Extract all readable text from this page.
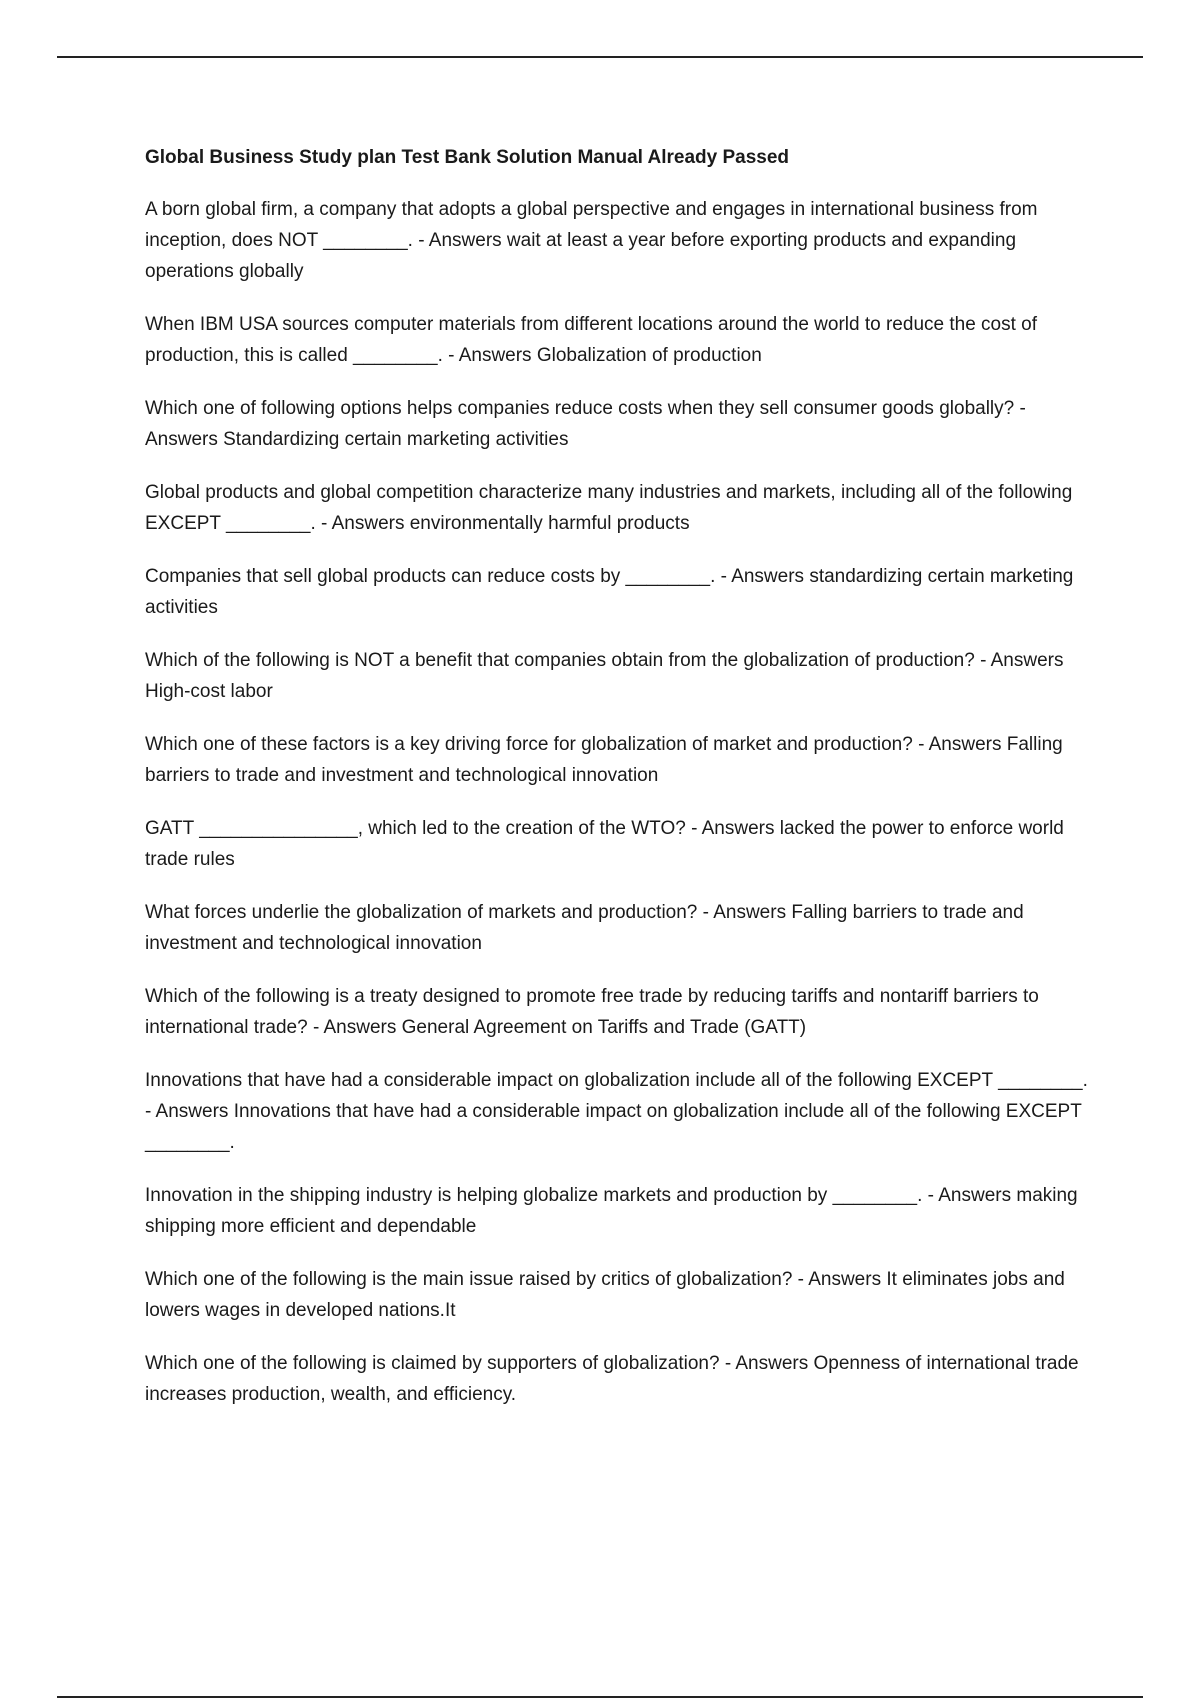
Global Business Study plan Test Bank Solution Manual Already Passed
A born global firm, a company that adopts a global perspective and engages in international business from inception, does NOT ________. - Answers wait at least a year before exporting products and expanding operations globally
When IBM USA sources computer materials from different locations around the world to reduce the cost of production, this is called ________. - Answers Globalization of production
Which one of following options helps companies reduce costs when they sell consumer goods globally? - Answers Standardizing certain marketing activities
Global products and global competition characterize many industries and markets, including all of the following EXCEPT ________. - Answers environmentally harmful products
Companies that sell global products can reduce costs by ________. - Answers standardizing certain marketing activities
Which of the following is NOT a benefit that companies obtain from the globalization of production? - Answers High-cost labor
Which one of these factors is a key driving force for globalization of market and production? - Answers Falling barriers to trade and investment and technological innovation
GATT _______________, which led to the creation of the WTO? - Answers lacked the power to enforce world trade rules
What forces underlie the globalization of markets and production? - Answers Falling barriers to trade and investment and technological innovation
Which of the following is a treaty designed to promote free trade by reducing tariffs and nontariff barriers to international trade? - Answers General Agreement on Tariffs and Trade (GATT)
Innovations that have had a considerable impact on globalization include all of the following EXCEPT ________. - Answers Innovations that have had a considerable impact on globalization include all of the following EXCEPT ________.
Innovation in the shipping industry is helping globalize markets and production by ________. - Answers making shipping more efficient and dependable
Which one of the following is the main issue raised by critics of globalization? - Answers It eliminates jobs and lowers wages in developed nations.It
Which one of the following is claimed by supporters of globalization? - Answers Openness of international trade increases production, wealth, and efficiency.
